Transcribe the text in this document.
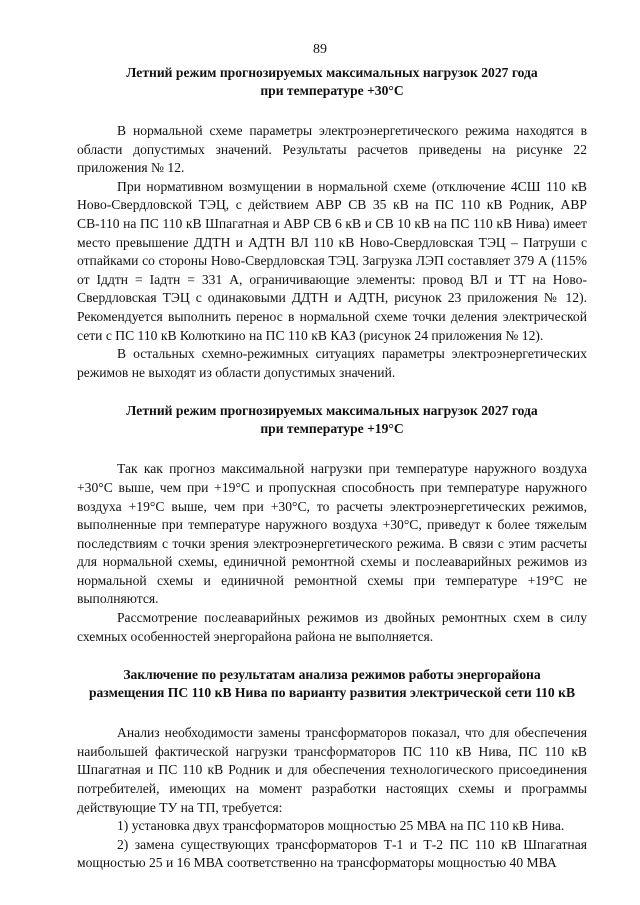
89
Летний режим прогнозируемых максимальных нагрузок 2027 года
при температуре +30°С

В нормальной схеме параметры электроэнергетического режима находятся в области допустимых значений. Результаты расчетов приведены на рисунке 22 приложения № 12.

При нормативном возмущении в нормальной схеме (отключение 4СШ 110 кВ Ново-Свердловской ТЭЦ, с действием АВР СВ 35 кВ на ПС 110 кВ Родник, АВР СВ-110 на ПС 110 кВ Шпагатная и АВР СВ 6 кВ и СВ 10 кВ на ПС 110 кВ Нива) имеет место превышение ДДТН и АДТН ВЛ 110 кВ Ново-Свердловская ТЭЦ – Патруши с отпайками со стороны Ново-Свердловская ТЭЦ. Загрузка ЛЭП составляет 379 А (115% от Iддтн = Iадтн = 331 А, ограничивающие элементы: провод ВЛ и ТТ на Ново-Свердловская ТЭЦ с одинаковыми ДДТН и АДТН, рисунок 23 приложения № 12). Рекомендуется выполнить перенос в нормальной схеме точки деления электрической сети с ПС 110 кВ Колюткино на ПС 110 кВ КАЗ (рисунок 24 приложения № 12).

В остальных схемно-режимных ситуациях параметры электроэнергетических режимов не выходят из области допустимых значений.

Летний режим прогнозируемых максимальных нагрузок 2027 года
при температуре +19°С

Так как прогноз максимальной нагрузки при температуре наружного воздуха +30°С выше, чем при +19°С и пропускная способность при температуре наружного воздуха +19°С выше, чем при +30°С, то расчеты электроэнергетических режимов, выполненные при температуре наружного воздуха +30°С, приведут к более тяжелым последствиям с точки зрения электроэнергетического режима. В связи с этим расчеты для нормальной схемы, единичной ремонтной схемы и послеаварийных режимов из нормальной схемы и единичной ремонтной схемы при температуре +19°С не выполняются.

Рассмотрение послеаварийных режимов из двойных ремонтных схем в силу схемных особенностей энергорайона района не выполняется.

Заключение по результатам анализа режимов работы энергорайона
размещения ПС 110 кВ Нива по варианту развития электрической сети 110 кВ

Анализ необходимости замены трансформаторов показал, что для обеспечения наибольшей фактической нагрузки трансформаторов ПС 110 кВ Нива, ПС 110 кВ Шпагатная и ПС 110 кВ Родник и для обеспечения технологического присоединения потребителей, имеющих на момент разработки настоящих схемы и программы действующие ТУ на ТП, требуется:

1) установка двух трансформаторов мощностью 25 МВА на ПС 110 кВ Нива.

2) замена существующих трансформаторов Т-1 и Т-2 ПС 110 кВ Шпагатная мощностью 25 и 16 МВА соответственно на трансформаторы мощностью 40 МВА
